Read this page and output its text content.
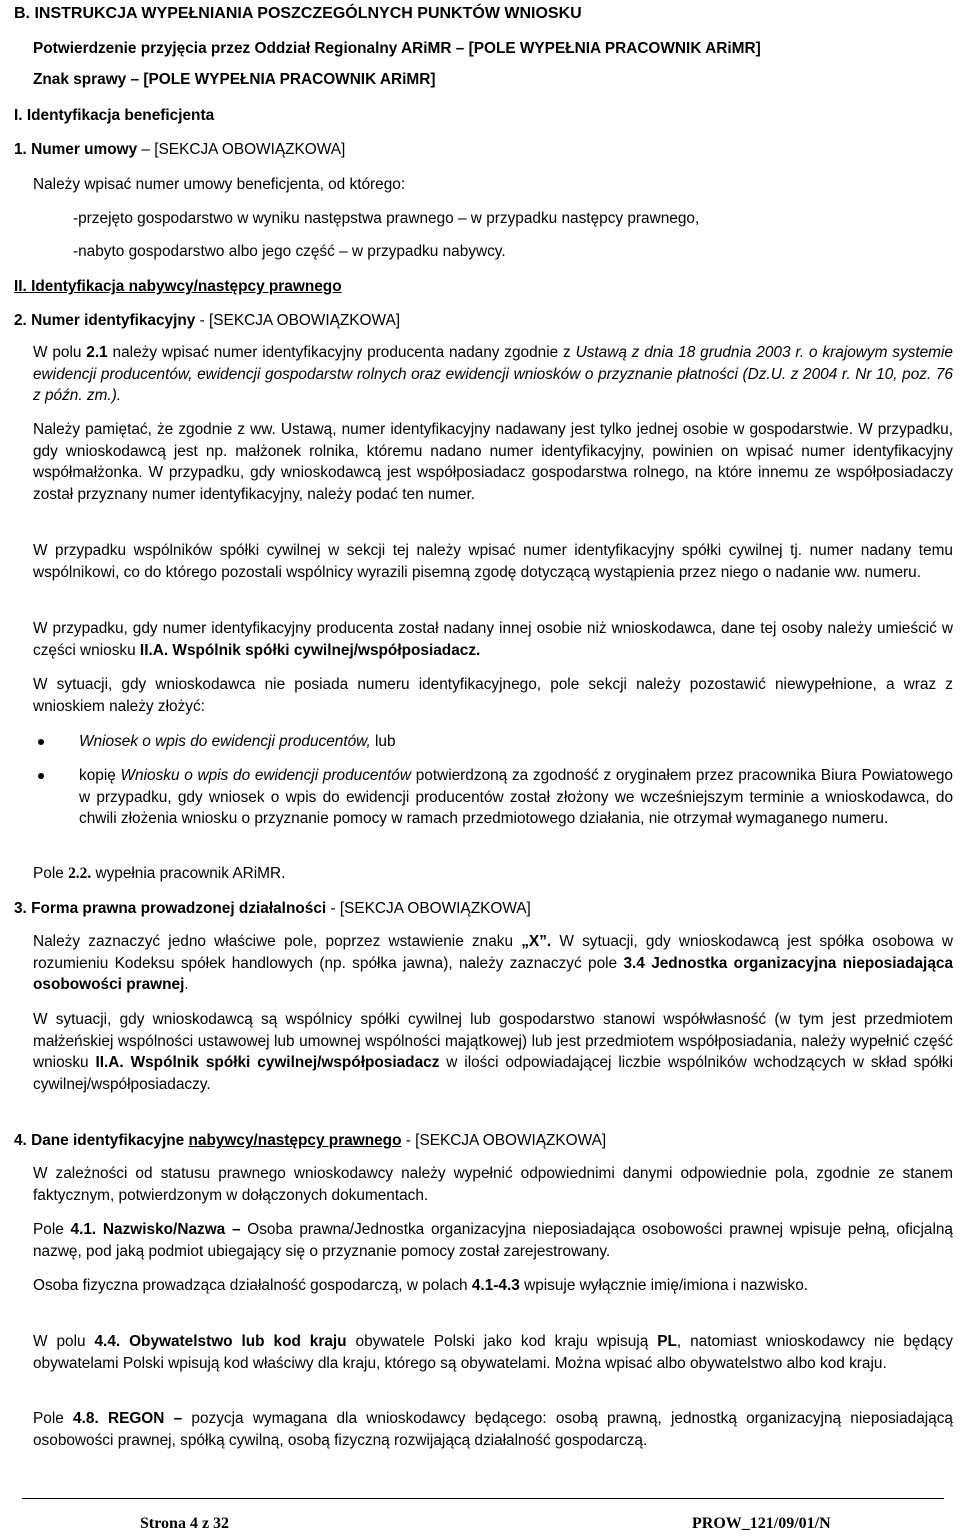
B. INSTRUKCJA WYPEŁNIANIA POSZCZEGÓLNYCH PUNKTÓW WNIOSKU
Potwierdzenie przyjęcia przez Oddział Regionalny ARiMR – [POLE WYPEŁNIA PRACOWNIK ARiMR]
Znak sprawy – [POLE WYPEŁNIA PRACOWNIK ARiMR]
I. Identyfikacja beneficjenta
1. Numer umowy – [SEKCJA OBOWIĄZKOWA]
Należy wpisać numer umowy beneficjenta, od którego:
-przejęto gospodarstwo w wyniku następstwa prawnego – w przypadku następcy prawnego,
-nabyto gospodarstwo albo jego część – w przypadku nabywcy.
II. Identyfikacja nabywcy/następcy prawnego
2. Numer identyfikacyjny - [SEKCJA OBOWIĄZKOWA]
W polu 2.1 należy wpisać numer identyfikacyjny producenta nadany zgodnie z Ustawą z dnia 18 grudnia 2003 r. o krajowym systemie ewidencji producentów, ewidencji gospodarstw rolnych oraz ewidencji wniosków o przyznanie płatności (Dz.U. z 2004 r. Nr 10, poz. 76 z późn. zm.).
Należy pamiętać, że zgodnie z ww. Ustawą, numer identyfikacyjny nadawany jest tylko jednej osobie w gospodarstwie. W przypadku, gdy wnioskodawcą jest np. małżonek rolnika, któremu nadano numer identyfikacyjny, powinien on wpisać numer identyfikacyjny współmałżonka. W przypadku, gdy wnioskodawcą jest współposiadacz gospodarstwa rolnego, na które innemu ze współposiadaczy został przyznany numer identyfikacyjny, należy podać ten numer.
W przypadku wspólników spółki cywilnej w sekcji tej należy wpisać numer identyfikacyjny spółki cywilnej tj. numer nadany temu wspólnikowi, co do którego pozostali wspólnicy wyrazili pisemną zgodę dotyczącą wystąpienia przez niego o nadanie ww. numeru.
W przypadku, gdy numer identyfikacyjny producenta został nadany innej osobie niż wnioskodawca, dane tej osoby należy umieścić w części wniosku II.A. Wspólnik spółki cywilnej/współposiadacz.
W sytuacji, gdy wnioskodawca nie posiada numeru identyfikacyjnego, pole sekcji należy pozostawić niewypełnione, a wraz z wnioskiem należy złożyć:
Wniosek o wpis do ewidencji producentów, lub
kopię Wniosku o wpis do ewidencji producentów potwierdzoną za zgodność z oryginałem przez pracownika Biura Powiatowego w przypadku, gdy wniosek o wpis do ewidencji producentów został złożony we wcześniejszym terminie a wnioskodawca, do chwili złożenia wniosku o przyznanie pomocy w ramach przedmiotowego działania, nie otrzymał wymaganego numeru.
Pole 2.2. wypełnia pracownik ARiMR.
3. Forma prawna prowadzonej działalności - [SEKCJA OBOWIĄZKOWA]
Należy zaznaczyć jedno właściwe pole, poprzez wstawienie znaku „X”. W sytuacji, gdy wnioskodawcą jest spółka osobowa w rozumieniu Kodeksu spółek handlowych (np. spółka jawna), należy zaznaczyć pole 3.4 Jednostka organizacyjna nieposiadająca osobowości prawnej.
W sytuacji, gdy wnioskodawcą są wspólnicy spółki cywilnej lub gospodarstwo stanowi współwłasność (w tym jest przedmiotem małżeńskiej wspólności ustawowej lub umownej wspólności majątkowej) lub jest przedmiotem współposiadania, należy wypełnić część wniosku II.A. Wspólnik spółki cywilnej/współposiadacz w ilości odpowiadającej liczbie wspólników wchodzących w skład spółki cywilnej/współposiadaczy.
4. Dane identyfikacyjne nabywcy/następcy prawnego - [SEKCJA OBOWIĄZKOWA]
W zależności od statusu prawnego wnioskodawcy należy wypełnić odpowiednimi danymi odpowiednie pola, zgodnie ze stanem faktycznym, potwierdzonym w dołączonych dokumentach.
Pole 4.1. Nazwisko/Nazwa – Osoba prawna/Jednostka organizacyjna nieposiadająca osobowości prawnej wpisuje pełną, oficjalną nazwę, pod jaką podmiot ubiegający się o przyznanie pomocy został zarejestrowany.
Osoba fizyczna prowadząca działalność gospodarczą, w polach 4.1-4.3 wpisuje wyłącznie imię/imiona i nazwisko.
W polu 4.4. Obywatelstwo lub kod kraju obywatele Polski jako kod kraju wpisują PL, natomiast wnioskodawcy nie będący obywatelami Polski wpisują kod właściwy dla kraju, którego są obywatelami. Można wpisać albo obywatelstwo albo kod kraju.
Pole 4.8. REGON – pozycja wymagana dla wnioskodawcy będącego: osobą prawną, jednostką organizacyjną nieposiadającą osobowości prawnej, spółką cywilną, osobą fizyczną rozwijającą działalność gospodarczą.
Strona 4 z 32	PROW_121/09/01/N
